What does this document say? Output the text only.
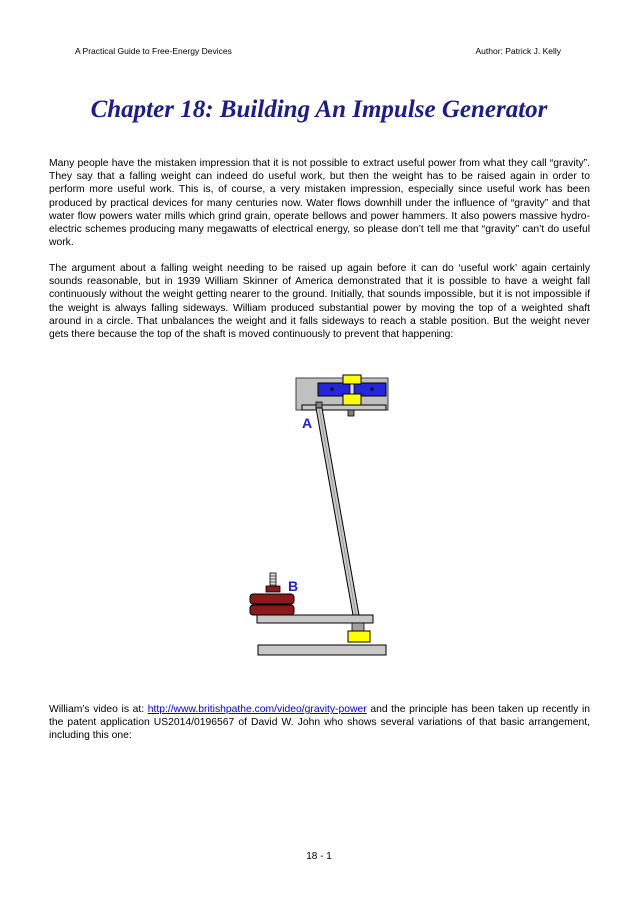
A Practical Guide to Free-Energy Devices	Author: Patrick J. Kelly
Chapter 18: Building An Impulse Generator
Many people have the mistaken impression that it is not possible to extract useful power from what they call “gravity”. They say that a falling weight can indeed do useful work, but then the weight has to be raised again in order to perform more useful work. This is, of course, a very mistaken impression, especially since useful work has been produced by practical devices for many centuries now. Water flows downhill under the influence of “gravity” and that water flow powers water mills which grind grain, operate bellows and power hammers. It also powers massive hydro-electric schemes producing many megawatts of electrical energy, so please don’t tell me that “gravity” can’t do useful work.
The argument about a falling weight needing to be raised up again before it can do ‘useful work’ again certainly sounds reasonable, but in 1939 William Skinner of America demonstrated that it is possible to have a weight fall continuously without the weight getting nearer to the ground. Initially, that sounds impossible, but it is not impossible if the weight is always falling sideways. William produced substantial power by moving the top of a weighted shaft around in a circle. That unbalances the weight and it falls sideways to reach a stable position. But the weight never gets there because the top of the shaft is moved continuously to prevent that happening:
A
B
William’s video is at: http://www.britishpathe.com/video/gravity-power and the principle has been taken up recently in the patent application US2014/0196567 of David W. John who shows several variations of that basic arrangement, including this one:
18 - 1
